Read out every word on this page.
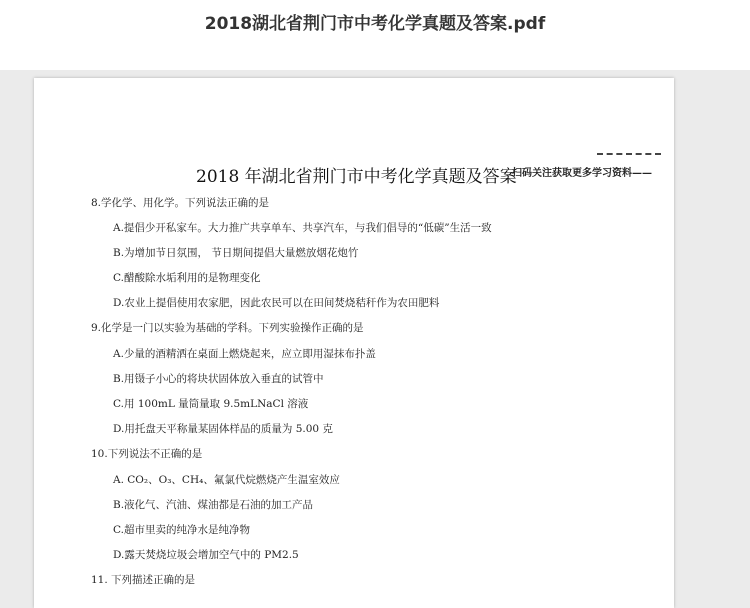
2018湖北省荆门市中考化学真题及答案.pdf
2018 年湖北省荆门市中考化学真题及答案
扫码关注获取更多学习资料——
8.学化学、用化学。下列说法正确的是
A.提倡少开私家车。大力推广共享单车、共享汽车，与我们倡导的“低碳”生活一致
B.为增加节日氛围， 节日期间提倡大量燃放烟花炮竹
C.醋酸除水垢利用的是物理变化
D.农业上提倡使用农家肥，因此农民可以在田间焚烧秸秆作为农田肥料
9.化学是一门以实验为基础的学科。下列实验操作正确的是
A.少量的酒精洒在桌面上燃烧起来，应立即用湿抹布扑盖
B.用镊子小心的将块状固体放入垂直的试管中
C.用 100mL 量筒量取 9.5mLNaCl 溶液
D.用托盘天平称量某固体样品的质量为 5.00 克
10.下列说法不正确的是
A. CO₂、O₃、CH₄、氟氯代烷燃烧产生温室效应
B.液化气、汽油、煤油都是石油的加工产品
C.超市里卖的纯净水是纯净物
D.露天焚烧垃圾会增加空气中的 PM2.5
11. 下列描述正确的是
